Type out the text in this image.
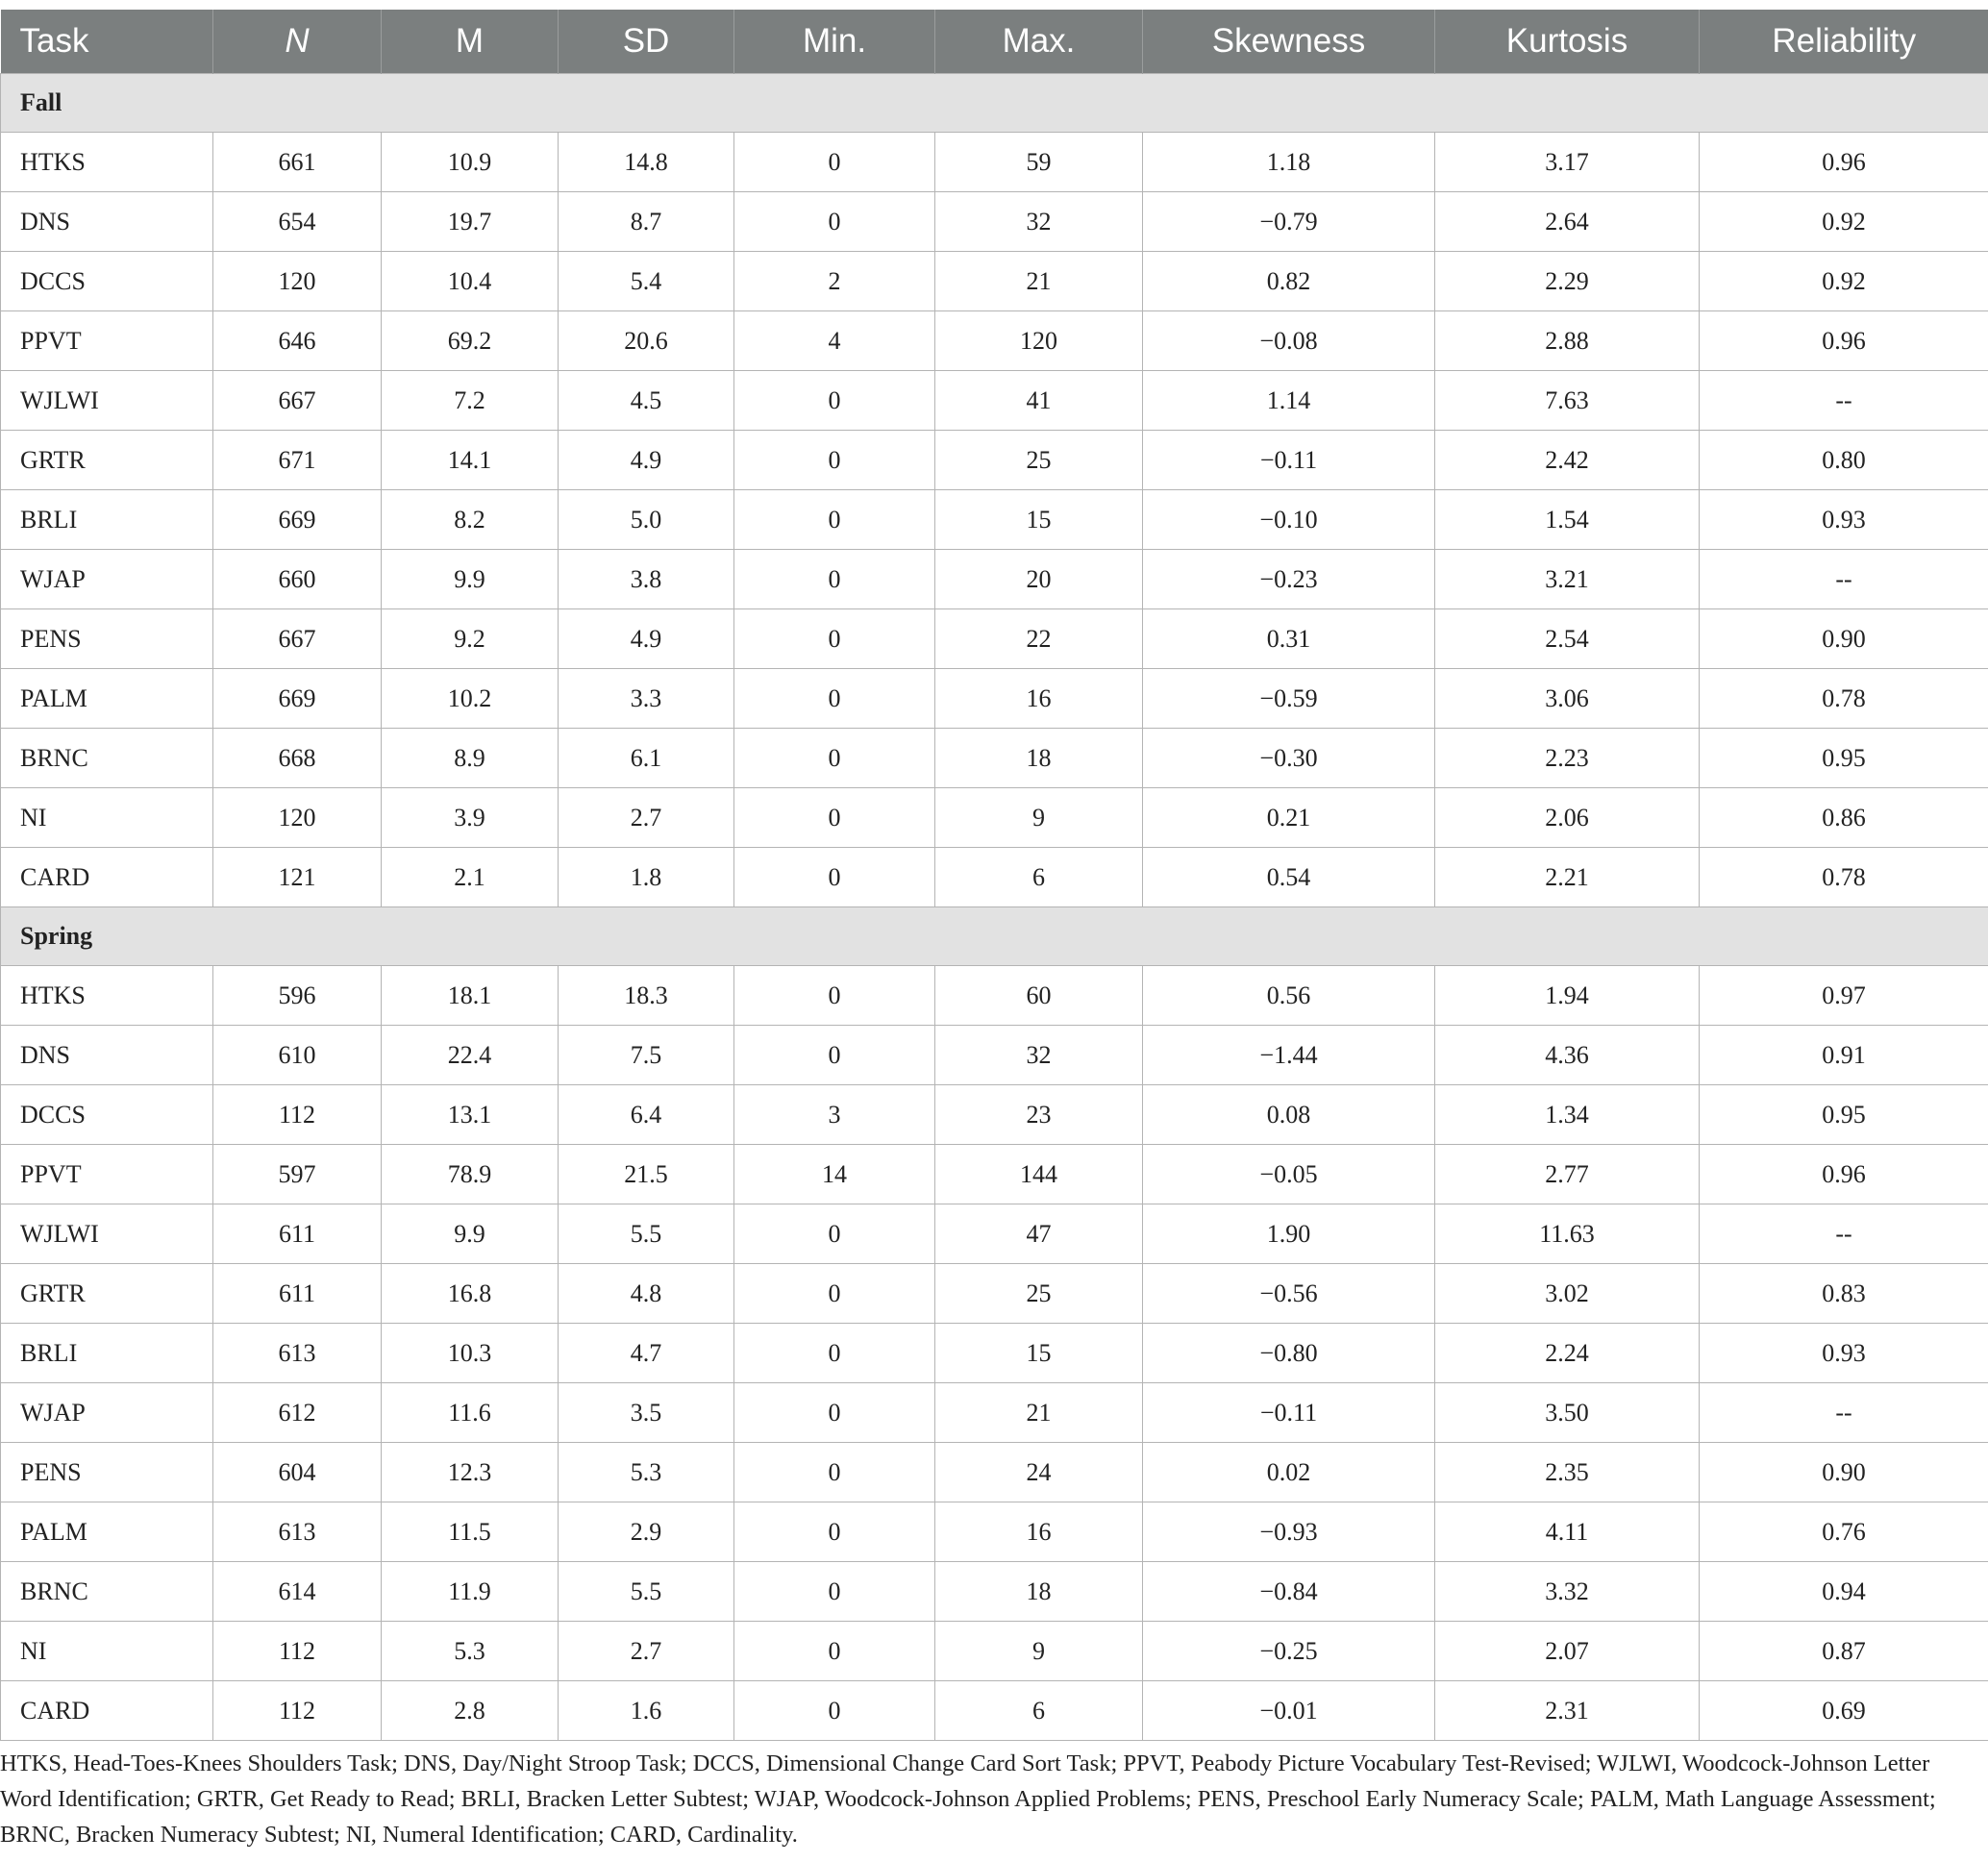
Task	N	M	SD	Min.	Max.	Skewness	Kurtosis	Reliability
Fall								
HTKS	661	10.9	14.8	0	59	1.18	3.17	0.96
DNS	654	19.7	8.7	0	32	−0.79	2.64	0.92
DCCS	120	10.4	5.4	2	21	0.82	2.29	0.92
PPVT	646	69.2	20.6	4	120	−0.08	2.88	0.96
WJLWI	667	7.2	4.5	0	41	1.14	7.63	--
GRTR	671	14.1	4.9	0	25	−0.11	2.42	0.80
BRLI	669	8.2	5.0	0	15	−0.10	1.54	0.93
WJAP	660	9.9	3.8	0	20	−0.23	3.21	--
PENS	667	9.2	4.9	0	22	0.31	2.54	0.90
PALM	669	10.2	3.3	0	16	−0.59	3.06	0.78
BRNC	668	8.9	6.1	0	18	−0.30	2.23	0.95
NI	120	3.9	2.7	0	9	0.21	2.06	0.86
CARD	121	2.1	1.8	0	6	0.54	2.21	0.78
Spring								
HTKS	596	18.1	18.3	0	60	0.56	1.94	0.97
DNS	610	22.4	7.5	0	32	−1.44	4.36	0.91
DCCS	112	13.1	6.4	3	23	0.08	1.34	0.95
PPVT	597	78.9	21.5	14	144	−0.05	2.77	0.96
WJLWI	611	9.9	5.5	0	47	1.90	11.63	--
GRTR	611	16.8	4.8	0	25	−0.56	3.02	0.83
BRLI	613	10.3	4.7	0	15	−0.80	2.24	0.93
WJAP	612	11.6	3.5	0	21	−0.11	3.50	--
PENS	604	12.3	5.3	0	24	0.02	2.35	0.90
PALM	613	11.5	2.9	0	16	−0.93	4.11	0.76
BRNC	614	11.9	5.5	0	18	−0.84	3.32	0.94
NI	112	5.3	2.7	0	9	−0.25	2.07	0.87
CARD	112	2.8	1.6	0	6	−0.01	2.31	0.69
HTKS, Head-Toes-Knees Shoulders Task; DNS, Day/Night Stroop Task; DCCS, Dimensional Change Card Sort Task; PPVT, Peabody Picture Vocabulary Test-Revised; WJLWI, Woodcock-Johnson Letter Word Identification; GRTR, Get Ready to Read; BRLI, Bracken Letter Subtest; WJAP, Woodcock-Johnson Applied Problems; PENS, Preschool Early Numeracy Scale; PALM, Math Language Assessment; BRNC, Bracken Numeracy Subtest; NI, Numeral Identification; CARD, Cardinality.
